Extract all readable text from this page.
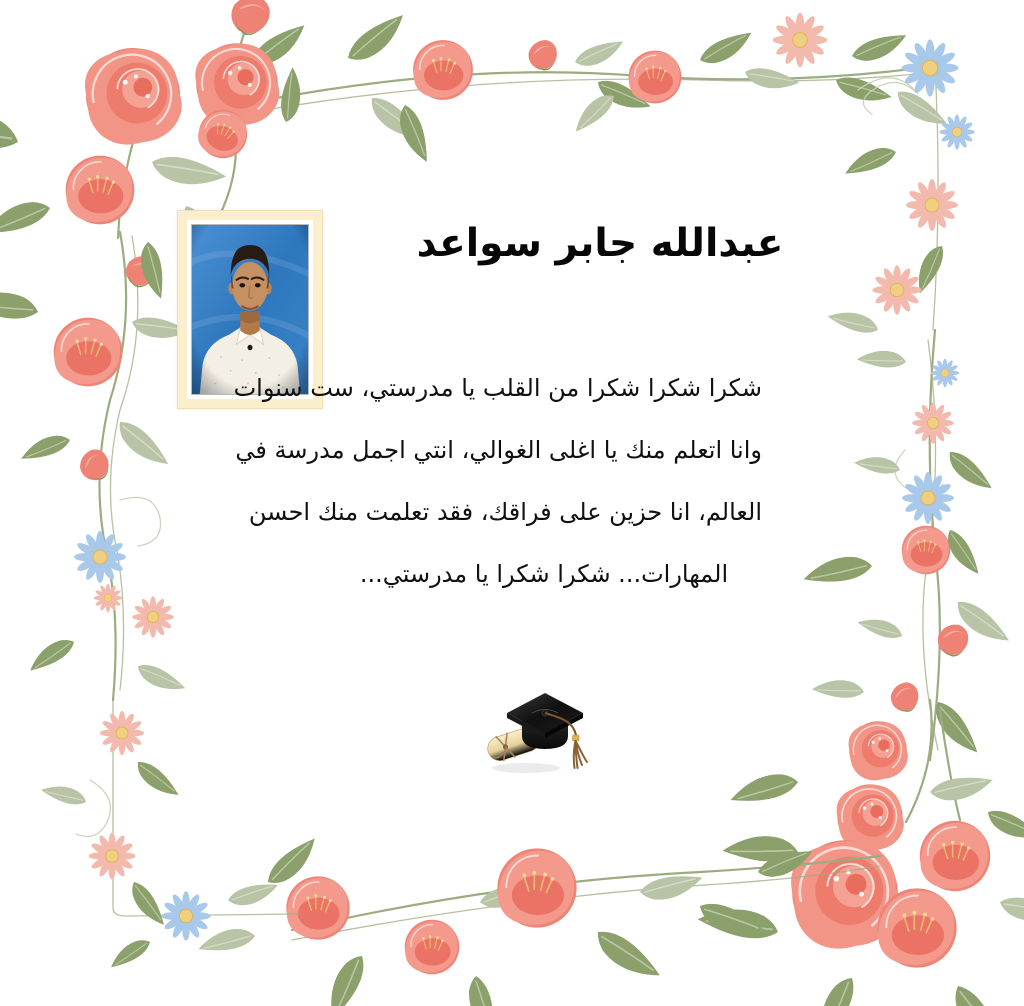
عبدالله جابر سواعد
شكرا شكرا شكرا من القلب يا مدرستي، ست سنوات
وانا اتعلم منك يا اغلى الغوالي، انتي اجمل مدرسة في
العالم، انا حزين على فراقك، فقد تعلمت منك احسن
المهارات... شكرا شكرا يا مدرستي...
